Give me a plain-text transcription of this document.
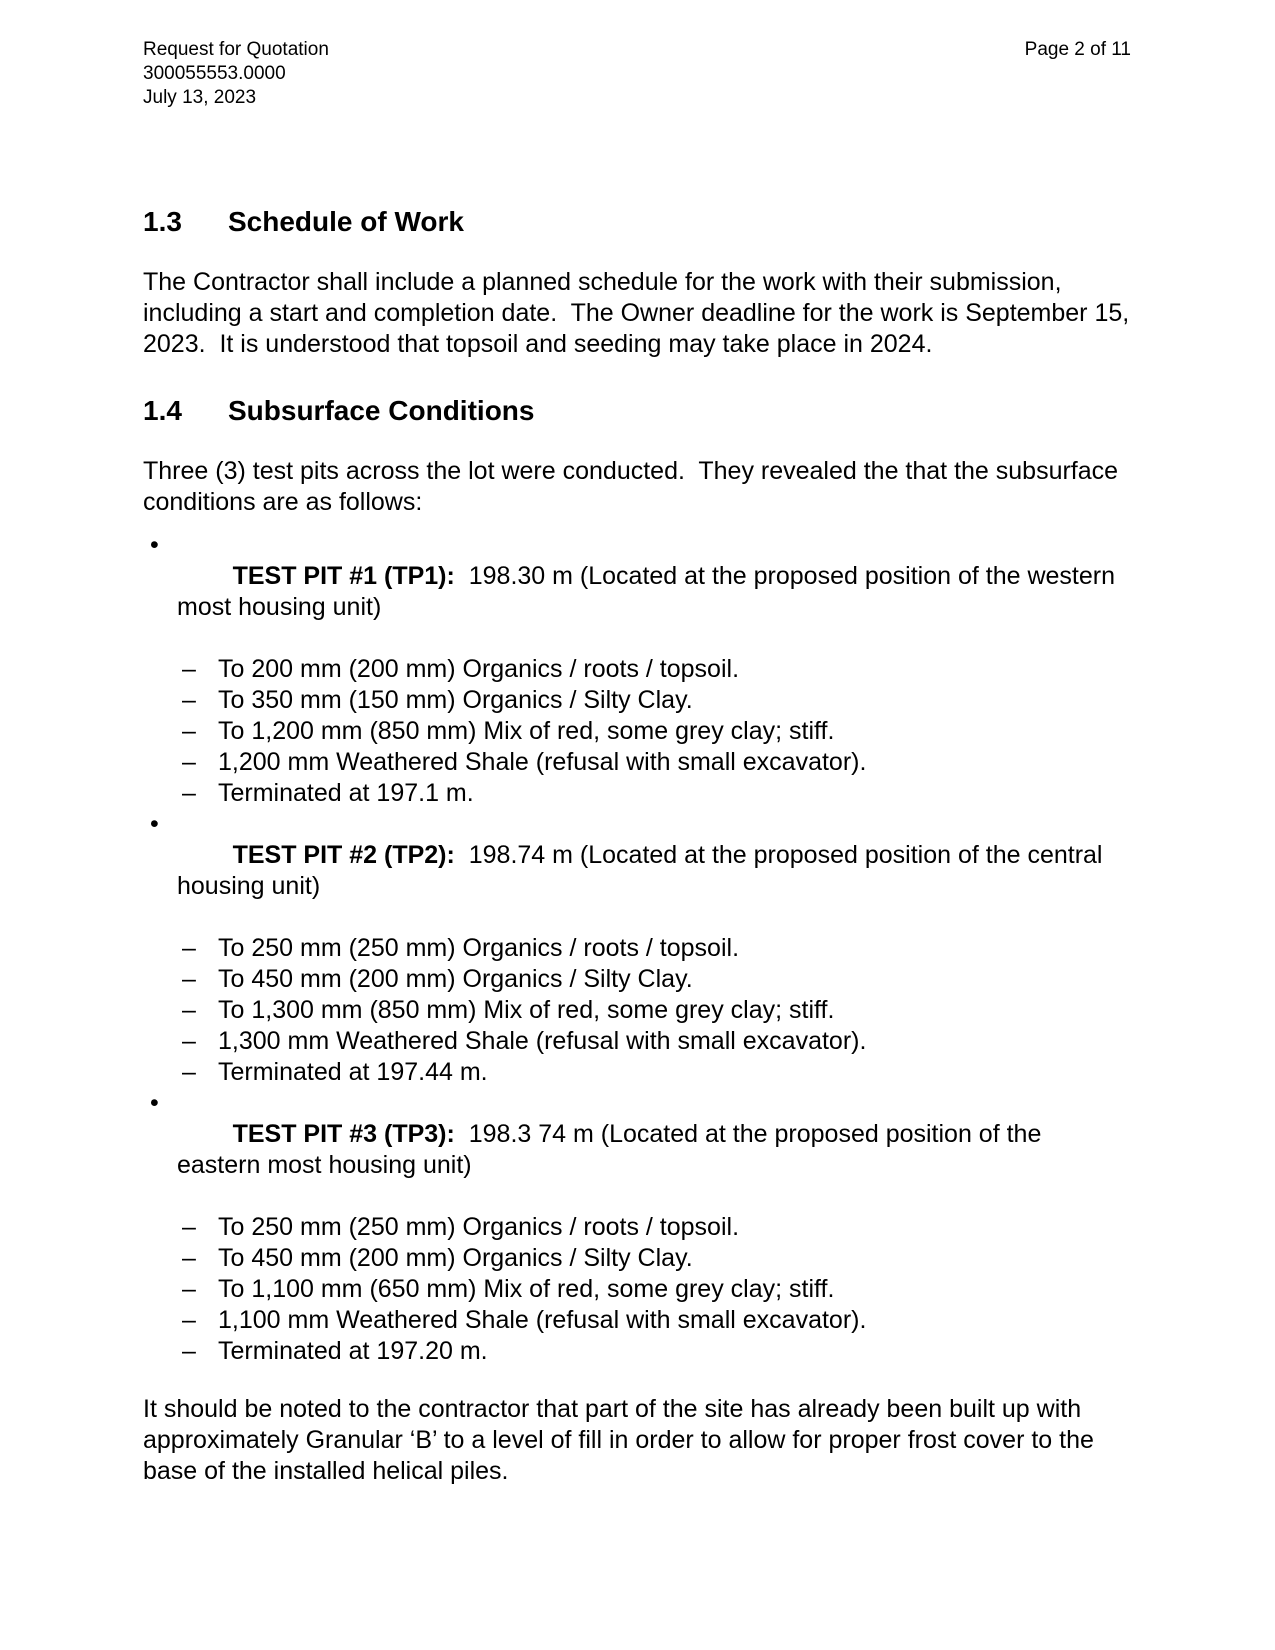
Request for Quotation
300055553.0000
July 13, 2023
Page 2 of 11
1.3 Schedule of Work

The Contractor shall include a planned schedule for the work with their submission, including a start and completion date.  The Owner deadline for the work is September 15, 2023.  It is understood that topsoil and seeding may take place in 2024.

1.4 Subsurface Conditions

Three (3) test pits across the lot were conducted.  They revealed the that the subsurface conditions are as follows:

•
TEST PIT #1 (TP1):  198.30 m (Located at the proposed position of the western most housing unit)

– To 200 mm (200 mm) Organics / roots / topsoil.
– To 350 mm (150 mm) Organics / Silty Clay.
– To 1,200 mm (850 mm) Mix of red, some grey clay; stiff.
– 1,200 mm Weathered Shale (refusal with small excavator).
– Terminated at 197.1 m.

•
TEST PIT #2 (TP2):  198.74 m (Located at the proposed position of the central housing unit)

– To 250 mm (250 mm) Organics / roots / topsoil.
– To 450 mm (200 mm) Organics / Silty Clay.
– To 1,300 mm (850 mm) Mix of red, some grey clay; stiff.
– 1,300 mm Weathered Shale (refusal with small excavator).
– Terminated at 197.44 m.

•
TEST PIT #3 (TP3):  198.3 74 m (Located at the proposed position of the eastern most housing unit)

– To 250 mm (250 mm) Organics / roots / topsoil.
– To 450 mm (200 mm) Organics / Silty Clay.
– To 1,100 mm (650 mm) Mix of red, some grey clay; stiff.
– 1,100 mm Weathered Shale (refusal with small excavator).
– Terminated at 197.20 m.

It should be noted to the contractor that part of the site has already been built up with approximately Granular ‘B’ to a level of fill in order to allow for proper frost cover to the base of the installed helical piles.
